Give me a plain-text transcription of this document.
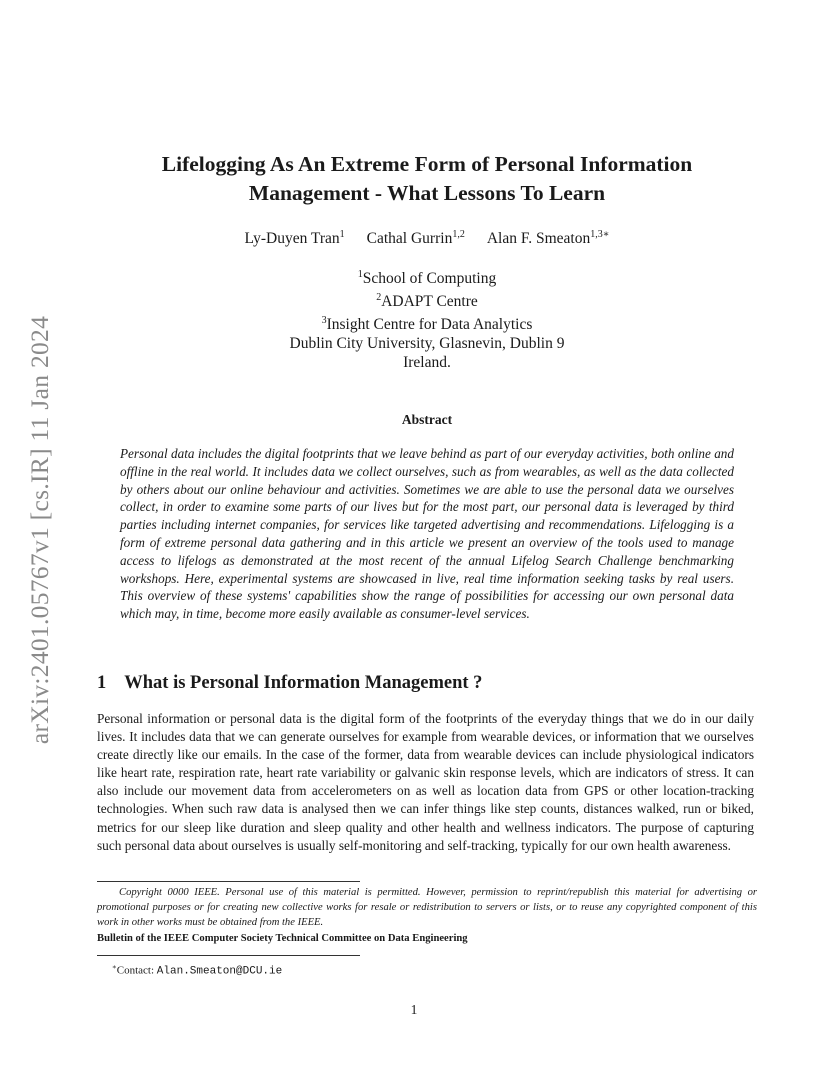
arXiv:2401.05767v1 [cs.IR] 11 Jan 2024
Lifelogging As An Extreme Form of Personal Information
Management - What Lessons To Learn
Ly-Duyen Tran$^1$ Cathal Gurrin$^{1,2}$ Alan F. Smeaton$^{1,3∗}$
$^1$School of Computing
$^2$ADAPT Centre
$^3$Insight Centre for Data Analytics
Dublin City University, Glasnevin, Dublin 9
Ireland.
Abstract

Personal data includes the digital footprints that we leave behind as part of our everyday activities, both online and offline in the real world. It includes data we collect ourselves, such as from wearables, as well as the data collected by others about our online behaviour and activities. Sometimes we are able to use the personal data we ourselves collect, in order to examine some parts of our lives but for the most part, our personal data is leveraged by third parties including internet companies, for services like targeted advertising and recommendations. Lifelogging is a form of extreme personal data gathering and in this article we present an overview of the tools used to manage access to lifelogs as demonstrated at the most recent of the annual Lifelog Search Challenge benchmarking workshops. Here, experimental systems are showcased in live, real time information seeking tasks by real users. This overview of these systems' capabilities show the range of possibilities for accessing our own personal data which may, in time, become more easily available as consumer-level services.

1 What is Personal Information Management ?

Personal information or personal data is the digital form of the footprints of the everyday things that we do in our daily lives. It includes data that we can generate ourselves for example from wearable devices, or information that we ourselves create directly like our emails. In the case of the former, data from wearable devices can include physiological indicators like heart rate, respiration rate, heart rate variability or galvanic skin response levels, which are indicators of stress. It can also include our movement data from accelerometers on as well as location data from GPS or other location-tracking technologies. When such raw data is analysed then we can infer things like step counts, distances walked, run or biked, metrics for our sleep like duration and sleep quality and other health and wellness indicators. The purpose of capturing such personal data about ourselves is usually self-monitoring and self-tracking, typically for our own health awareness.

Copyright 0000 IEEE. Personal use of this material is permitted. However, permission to reprint/republish this material for advertising or promotional purposes or for creating new collective works for resale or redistribution to servers or lists, or to reuse any copyrighted component of this work in other works must be obtained from the IEEE.
Bulletin of the IEEE Computer Society Technical Committee on Data Engineering
∗Contact: Alan.Smeaton@DCU.ie
1
